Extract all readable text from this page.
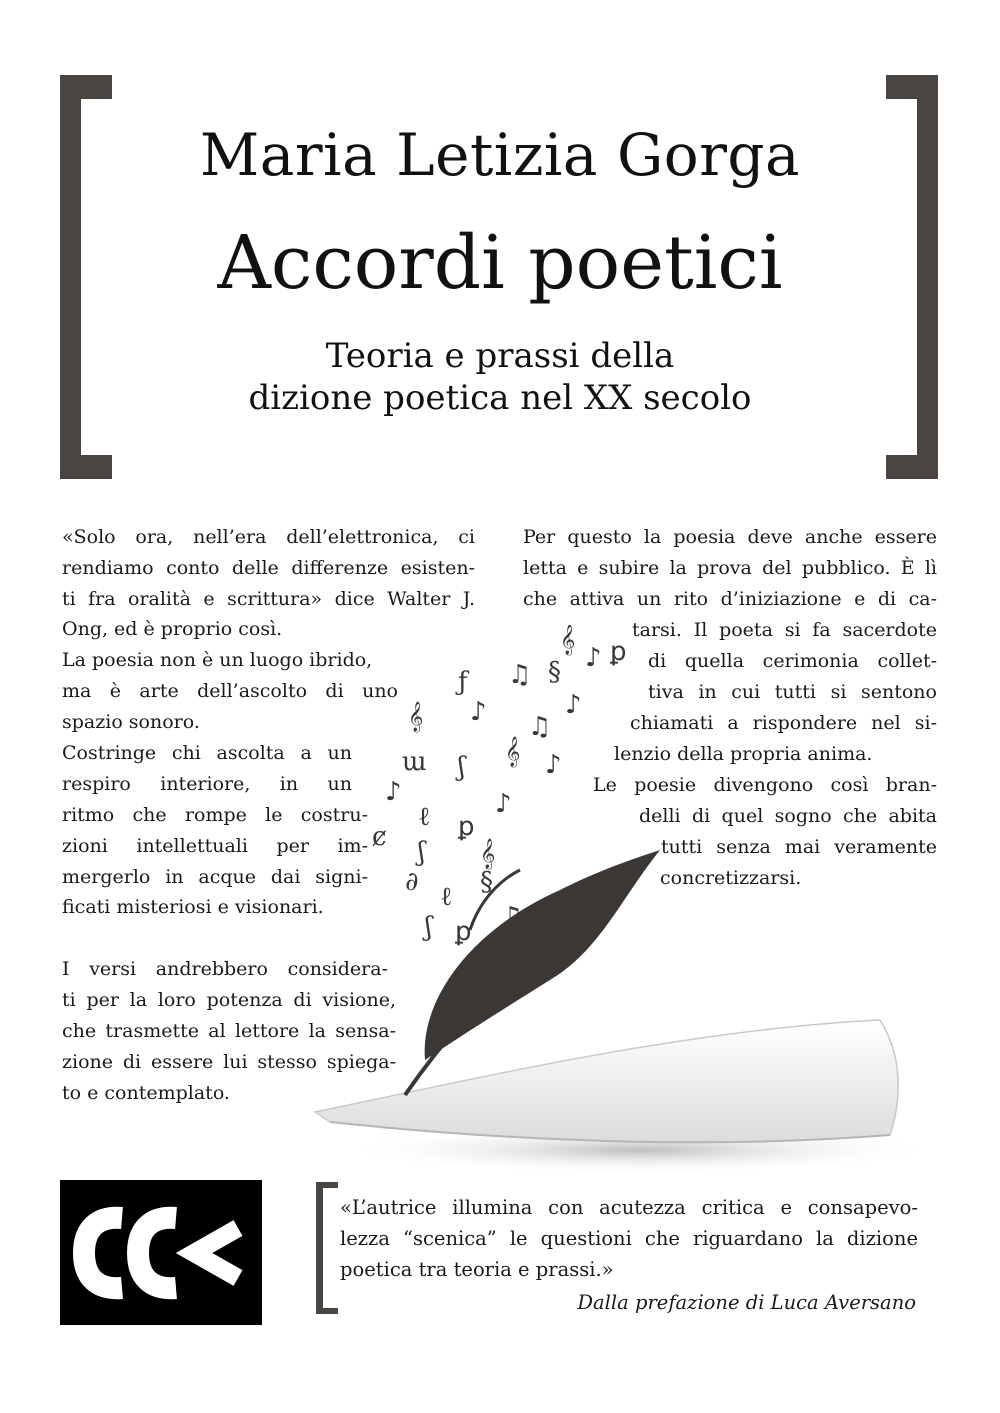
Maria Letizia Gorga
Accordi poetici
Teoria e prassi della
dizione poetica nel XX secolo
𝄞
♪ ꝑ
ƒ ♫ §
𝄞 ♪ ♫
♪
ɯ ʃ 𝄞 ♪
♪
ℓ ♪
ȼ ʃ
ꝑ
𝄞
∂ ℓ §
ʃ ꝑ ♫
«Solo ora, nell’era dell’elettronica, ci
rendiamo conto delle differenze esisten-
ti fra oralità e scrittura» dice Walter J.
Ong, ed è proprio così.
La poesia non è un luogo ibrido,
ma è arte dell’ascolto di uno
spazio sonoro.
Costringe chi ascolta a un
respiro interiore, in un
ritmo che rompe le costru-
zioni intellettuali per im-
mergerlo in acque dai signi-
ficati misteriosi e visionari.
I versi andrebbero considera-
ti per la loro potenza di visione,
che trasmette al lettore la sensa-
zione di essere lui stesso spiega-
to e contemplato.
Per questo la poesia deve anche essere
letta e subire la prova del pubblico. È lì
che attiva un rito d’iniziazione e di ca-
tarsi. Il poeta si fa sacerdote
di quella cerimonia collet-
tiva in cui tutti si sentono
chiamati a rispondere nel si-
lenzio della propria anima.
Le poesie divengono così bran-
delli di quel sogno che abita
tutti senza mai veramente
concretizzarsi.
«L’autrice illumina con acutezza critica e consapevo-
lezza “scenica” le questioni che riguardano la dizione
poetica tra teoria e prassi.»
Dalla prefazione di Luca Aversano
